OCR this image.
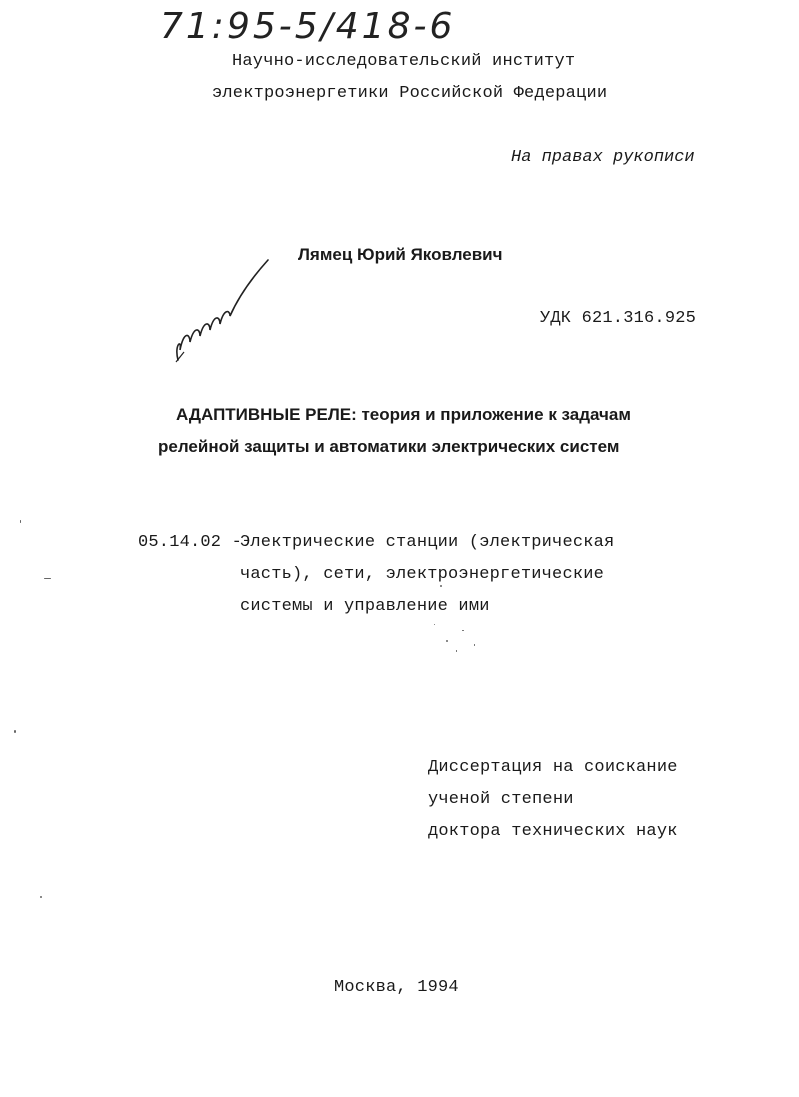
71:95-5/418-6
Научно-исследовательский институт
электроэнергетики Российской Федерации
На правах рукописи
Лямец Юрий Яковлевич
УДК 621.316.925
АДАПТИВНЫЕ РЕЛЕ: теория и приложение к задачам
релейной защиты и автоматики электрических систем
05.14.02 -
Электрические станции (электрическая
часть), сети, электроэнергетические
системы и управление ими
Диссертация на соискание
ученой степени
доктора технических наук
Москва, 1994
